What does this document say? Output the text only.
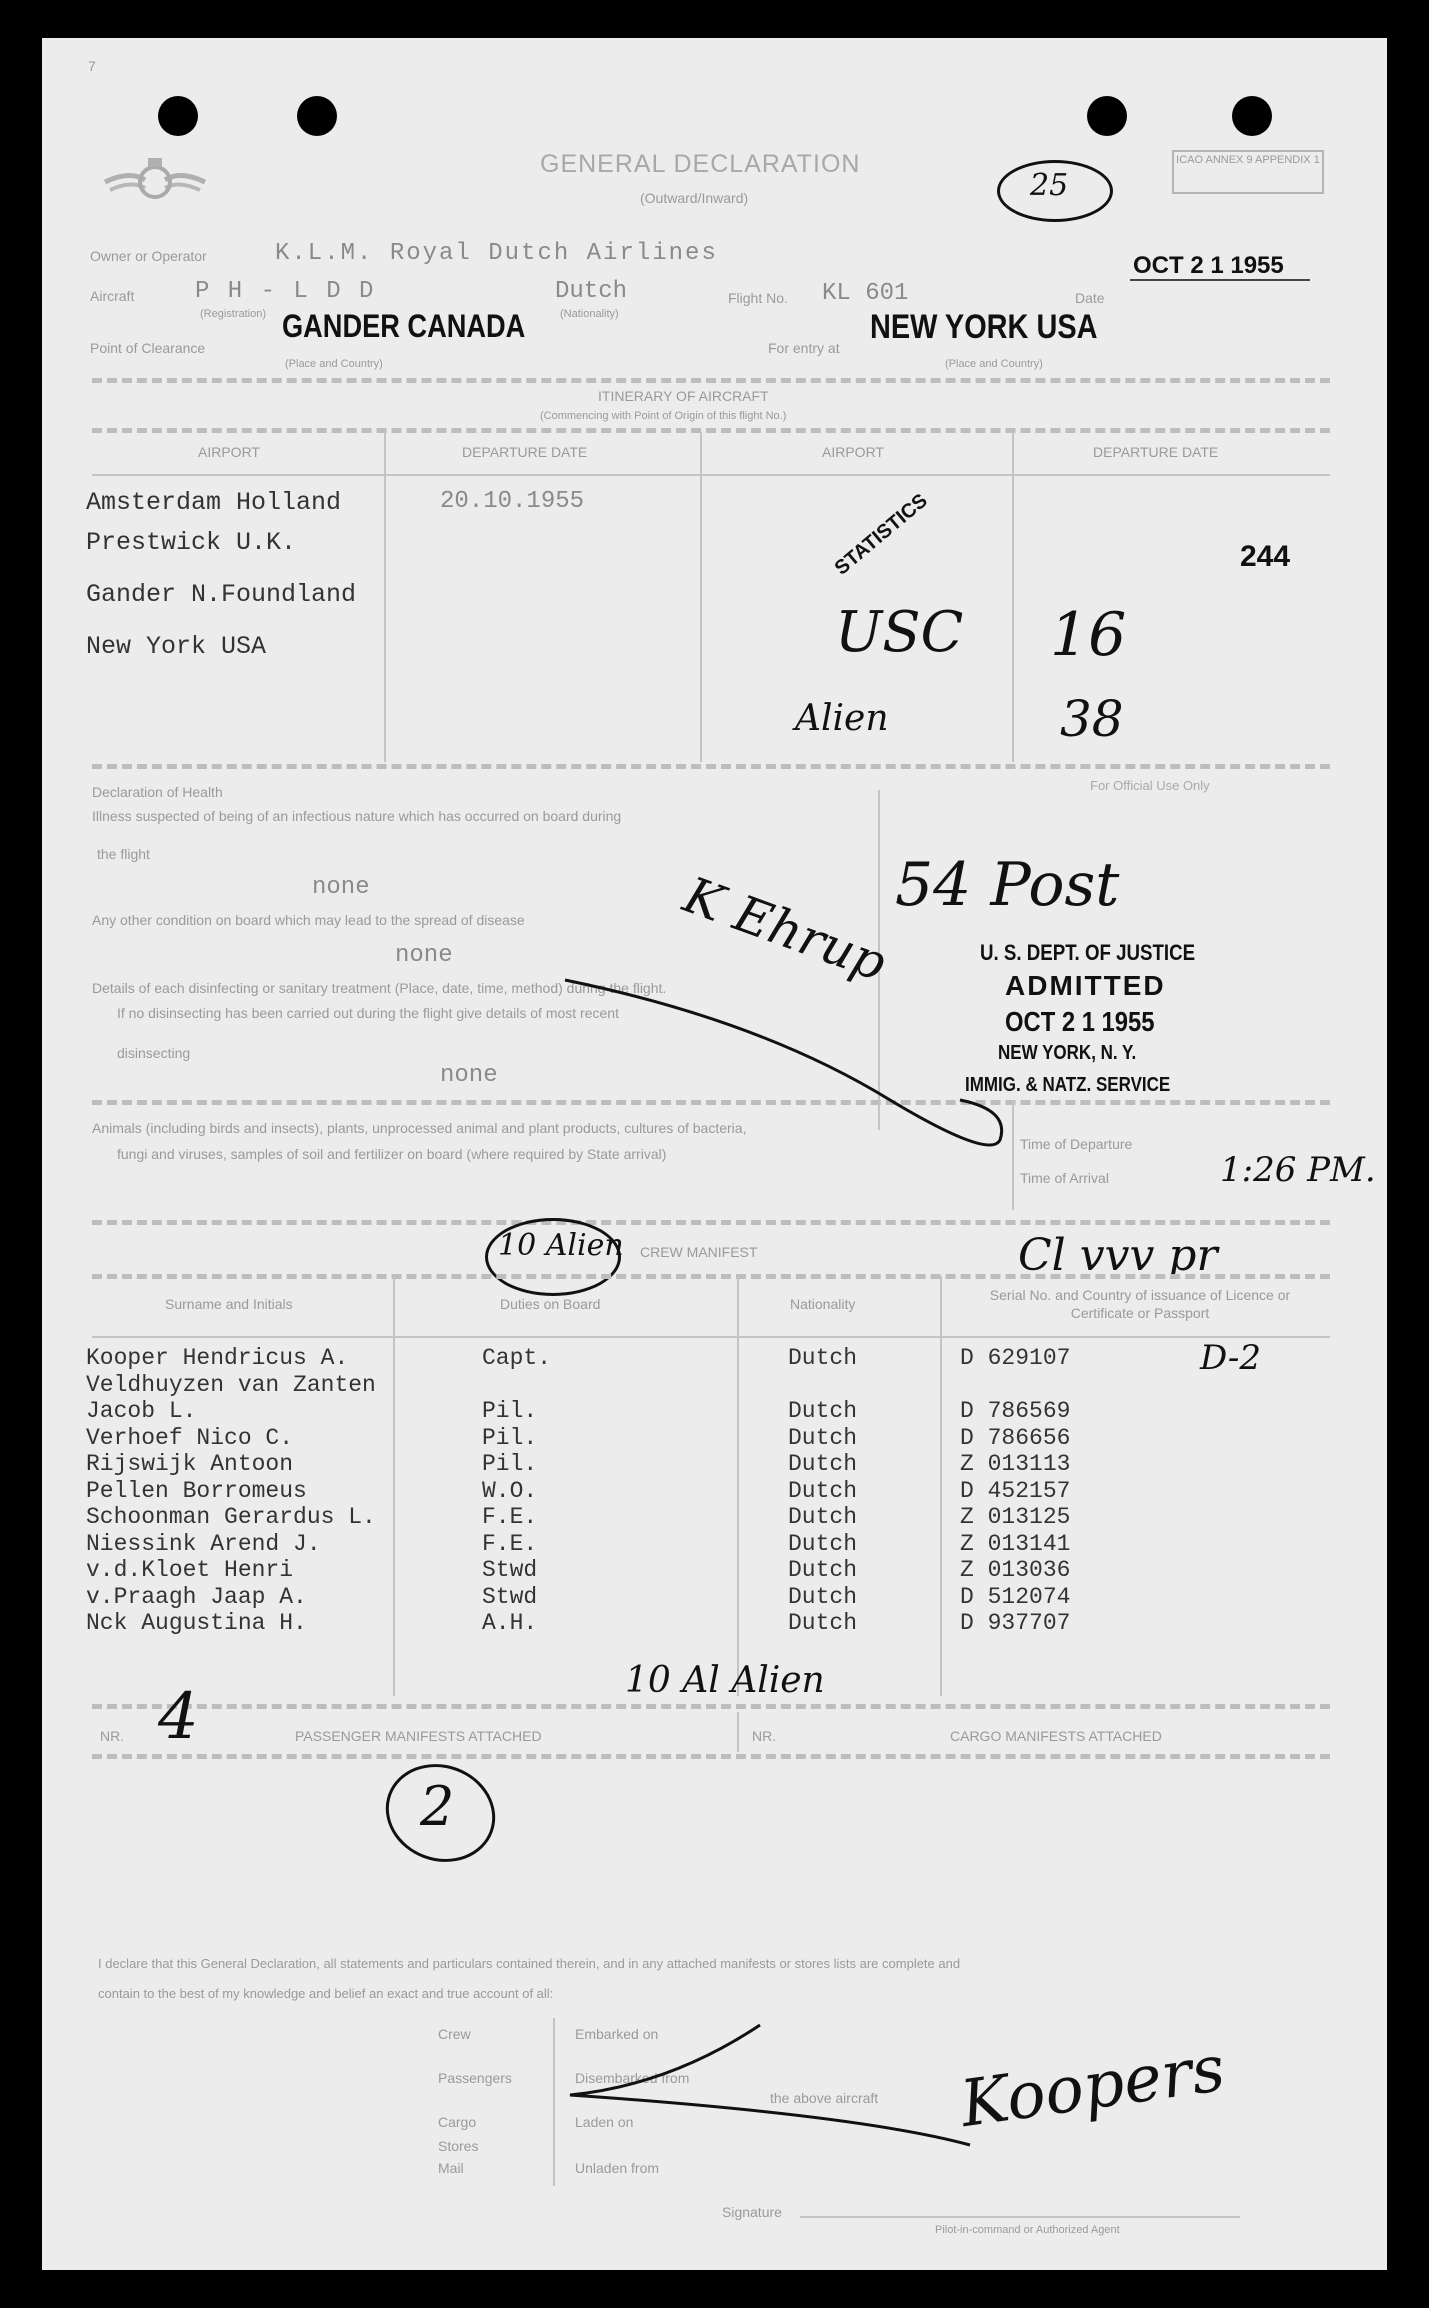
7
GENERAL DECLARATION
(Outward/Inward)
ICAO ANNEX 9 APPENDIX 1
25
Owner or Operator	K.L.M. Royal Dutch Airlines	OCT 2 1 1955
Aircraft	P H - L D D	Dutch
(Registration)	(Nationality)
Flight No. KL 601	Date
Point of Clearance
GANDER CANADA
(Place and Country)
For entry at
NEW YORK USA
(Place and Country)
ITINERARY OF AIRCRAFT
(Commencing with Point of Origin of this flight No.)
AIRPORT	DEPARTURE DATE	AIRPORT	DEPARTURE DATE
Amsterdam Holland
Prestwick U.K.
Gander N.Foundland
New York USA
20.10.1955	STATISTICS
USC 16
Alien	38
244
Declaration of Health
Illness suspected of being of an infectious nature which has occurred on board during
the flight
none
Any other condition on board which may lead to the spread of disease
none
Details of each disinfecting or sanitary treatment (Place, date, time, method) during the flight.
If no disinsecting has been carried out during the flight give details of most recent
disinsecting
none
Animals (including birds and insects), plants, unprocessed animal and plant products, cultures of bacteria,
fungi and viruses, samples of soil and fertilizer on board (where required by State arrival)
For Official Use Only
54 Post
K Ehrup	U. S. DEPT. OF JUSTICE
ADMITTED
OCT 2 1 1955
NEW YORK, N. Y.
IMMIG. & NATZ. SERVICE
Time of Departure
Time of Arrival	1:26 PM.
10 Alien CREW MANIFEST	Cl vvv pr
Surname and Initials	Duties on Board	Nationality
Serial No. and Country of issuance of Licence or Certificate or Passport
D-2
Kooper Hendricus A.	Capt.	Dutch	D 629107
Veldhuyzen van Zanten
Jacob L.	Pil.	Dutch	D 786569
Verhoef Nico C.	Pil.	Dutch	D 786656
Rijswijk Antoon	Pil.	Dutch	Z 013113
Pellen Borromeus	W.O.	Dutch	D 452157
Schoonman Gerardus L.	F.E.	Dutch	Z 013125
Niessink Arend J.	F.E.	Dutch	Z 013141
v.d.Kloet Henri	Stwd	Dutch	Z 013036
v.Praagh Jaap A.	Stwd	Dutch	D 512074
Nck Augustina H.	A.H.	Dutch	D 937707
10 Al Alien
NR. 4	PASSENGER MANIFESTS ATTACHED	NR.	CARGO MANIFESTS ATTACHED
2
I declare that this General Declaration, all statements and particulars contained therein, and in any attached manifests or stores lists are complete and
contain to the best of my knowledge and belief an exact and true account of all:
Crew	Embarked on
Passengers	Disembarked from
Cargo	Laden on
Stores
Mail	Unladen from
the above aircraft Koopers
Signature
Pilot-in-command or Authorized Agent
